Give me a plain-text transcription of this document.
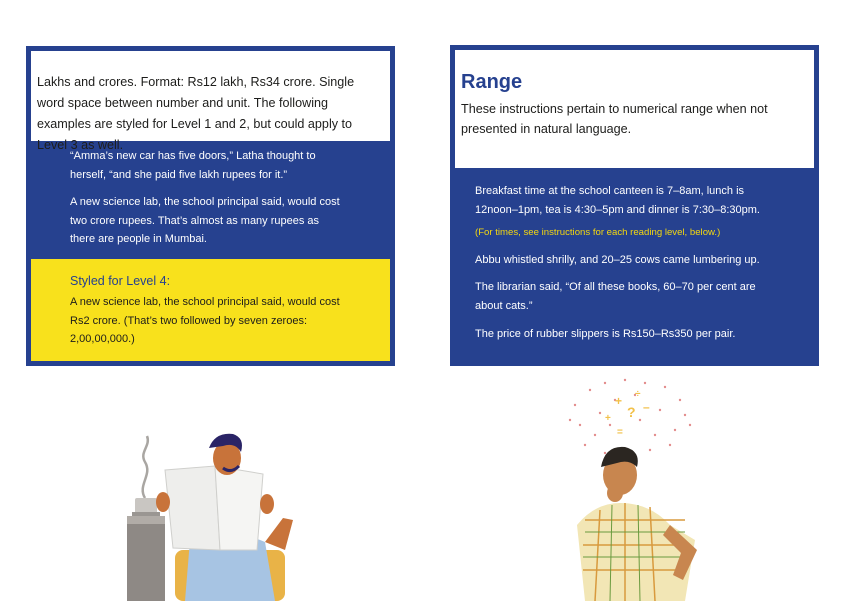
Lakhs and crores. Format: Rs12 lakh, Rs34 crore. Single word space between number and unit. The following examples are styled for Level 1 and 2, but could apply to Level 3 as well.

“Amma’s new car has five doors,” Latha thought to herself, “and she paid five lakh rupees for it.”

A new science lab, the school principal said, would cost two crore rupees. That’s almost as many rupees as there are people in Mumbai.

Styled for Level 4:

A new science lab, the school principal said, would cost Rs2 crore. (That’s two followed by seven zeroes: 2,00,00,000.)

Range

These instructions pertain to numerical range when not presented in natural language.

Breakfast time at the school canteen is 7–8am, lunch is 12noon–1pm, tea is 4:30–5pm and dinner is 7:30–8:30pm.

(For times, see instructions for each reading level, below.)

Abbu whistled shrilly, and 20–25 cows came lumbering up.

The librarian said, “Of all these books, 60–70 per cent are about cats.”

The price of rubber slippers is Rs150–Rs350 per pair.

+
? –
+
=
÷
